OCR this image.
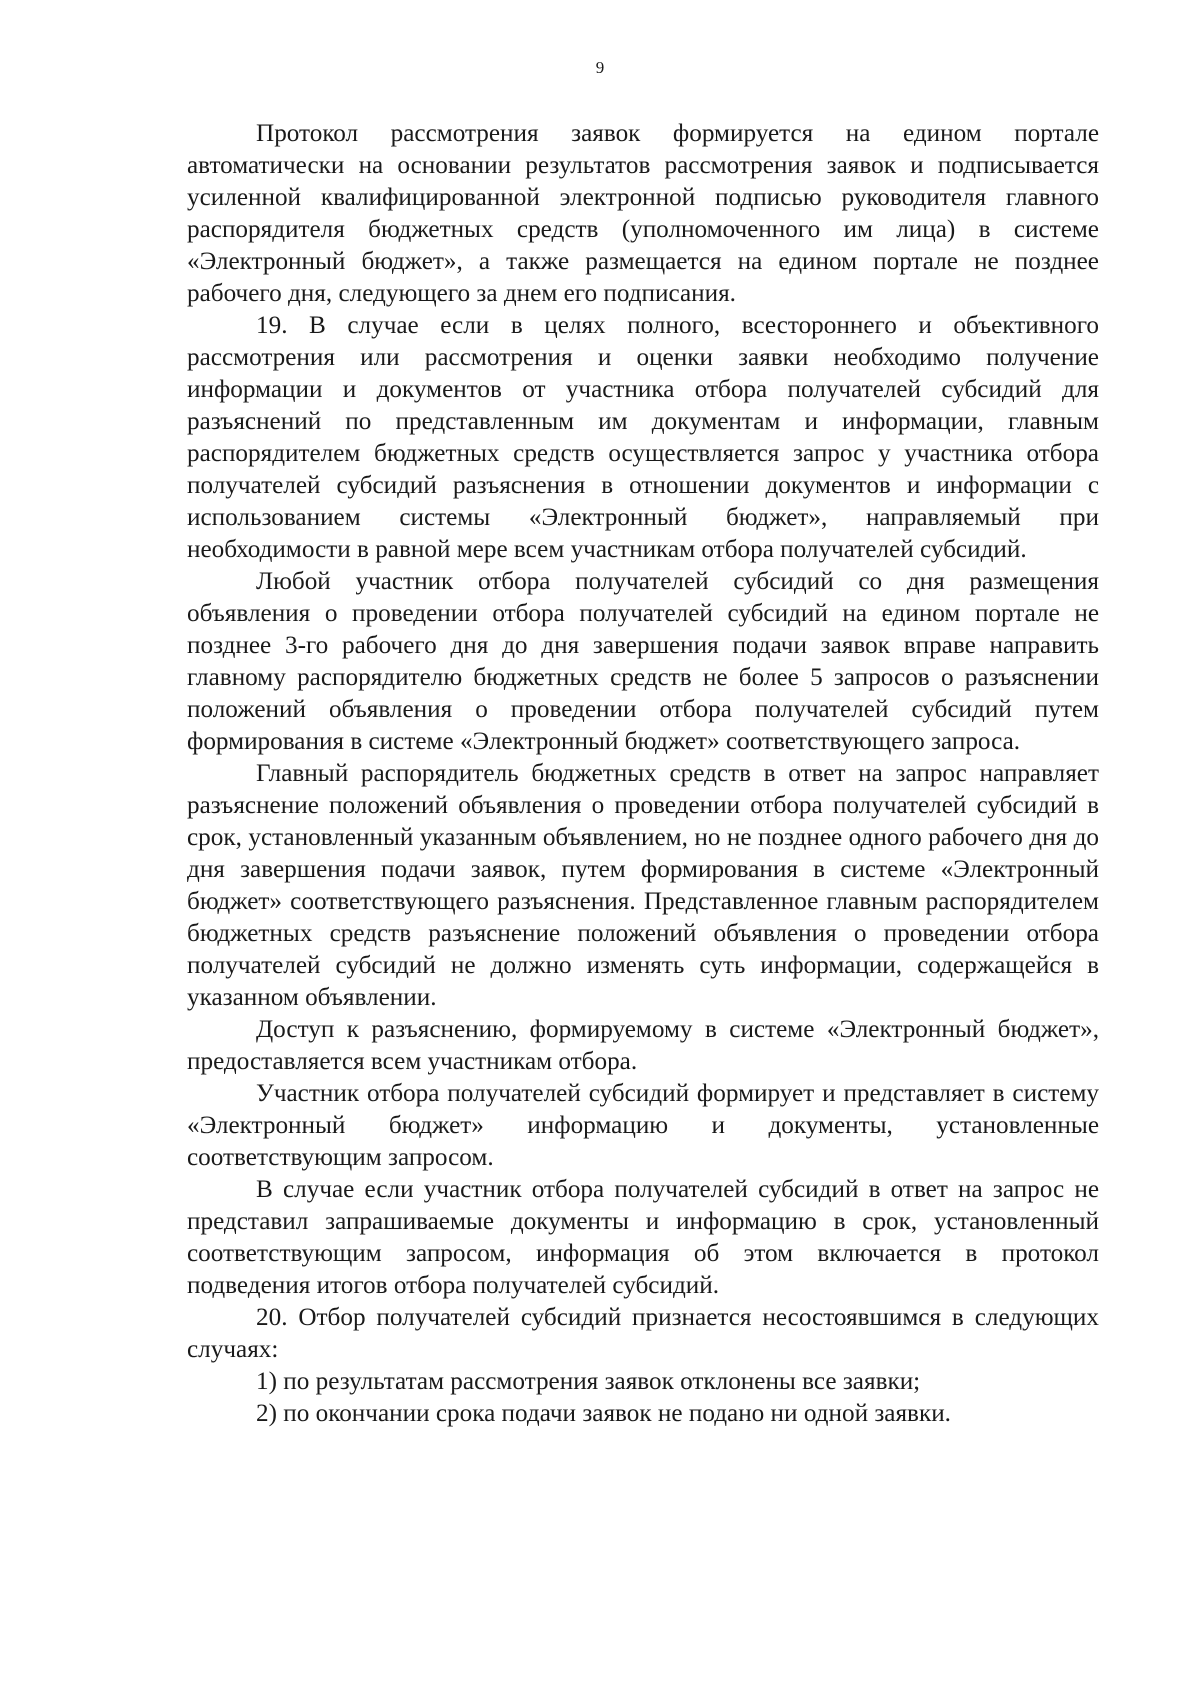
9

Протокол рассмотрения заявок формируется на едином портале автоматически на основании результатов рассмотрения заявок и подписывается усиленной квалифицированной электронной подписью руководителя главного распорядителя бюджетных средств (уполномоченного им лица) в системе «Электронный бюджет», а также размещается на едином портале не позднее рабочего дня, следующего за днем его подписания.

19. В случае если в целях полного, всестороннего и объективного рассмотрения или рассмотрения и оценки заявки необходимо получение информации и документов от участника отбора получателей субсидий для разъяснений по представленным им документам и информации, главным распорядителем бюджетных средств осуществляется запрос у участника отбора получателей субсидий разъяснения в отношении документов и информации с использованием системы «Электронный бюджет», направляемый при необходимости в равной мере всем участникам отбора получателей субсидий.

Любой участник отбора получателей субсидий со дня размещения объявления о проведении отбора получателей субсидий на едином портале не позднее 3-го рабочего дня до дня завершения подачи заявок вправе направить главному распорядителю бюджетных средств не более 5 запросов о разъяснении положений объявления о проведении отбора получателей субсидий путем формирования в системе «Электронный бюджет» соответствующего запроса.

Главный распорядитель бюджетных средств в ответ на запрос направляет разъяснение положений объявления о проведении отбора получателей субсидий в срок, установленный указанным объявлением, но не позднее одного рабочего дня до дня завершения подачи заявок, путем формирования в системе «Электронный бюджет» соответствующего разъяснения. Представленное главным распорядителем бюджетных средств разъяснение положений объявления о проведении отбора получателей субсидий не должно изменять суть информации, содержащейся в указанном объявлении.

Доступ к разъяснению, формируемому в системе «Электронный бюджет», предоставляется всем участникам отбора.

Участник отбора получателей субсидий формирует и представляет в систему «Электронный бюджет» информацию и документы, установленные соответствующим запросом.

В случае если участник отбора получателей субсидий в ответ на запрос не представил запрашиваемые документы и информацию в срок, установленный соответствующим запросом, информация об этом включается в протокол подведения итогов отбора получателей субсидий.

20. Отбор получателей субсидий признается несостоявшимся в следующих случаях:

1) по результатам рассмотрения заявок отклонены все заявки;

2) по окончании срока подачи заявок не подано ни одной заявки.
